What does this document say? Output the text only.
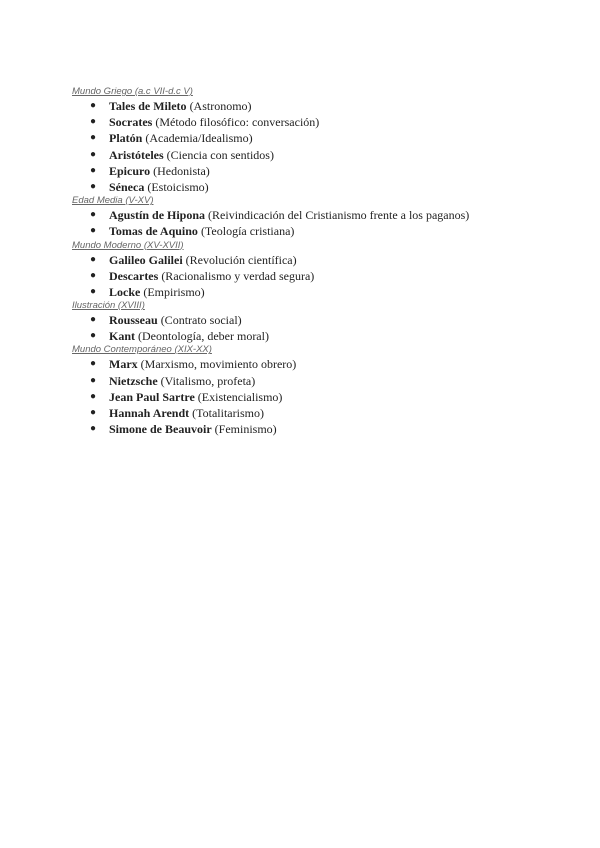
Mundo Griego (a.c VII-d.c V)

● Tales de Mileto (Astronomo)
● Socrates (Método filosófico: conversación)
● Platón (Academia/Idealismo)
● Aristóteles (Ciencia con sentidos)
● Epicuro (Hedonista)
● Séneca (Estoicismo)

Edad Media (V-XV)

● Agustín de Hipona (Reivindicación del Cristianismo frente a los paganos)
● Tomas de Aquino (Teología cristiana)

Mundo Moderno (XV-XVII)

● Galileo Galilei (Revolución científica)
● Descartes (Racionalismo y verdad segura)
● Locke (Empirismo)

Ilustración (XVIII)

● Rousseau (Contrato social)
● Kant (Deontología, deber moral)

Mundo Contemporáneo (XIX-XX)

● Marx (Marxismo, movimiento obrero)
● Nietzsche (Vitalismo, profeta)
● Jean Paul Sartre (Existencialismo)
● Hannah Arendt (Totalitarismo)
● Simone de Beauvoir (Feminismo)
